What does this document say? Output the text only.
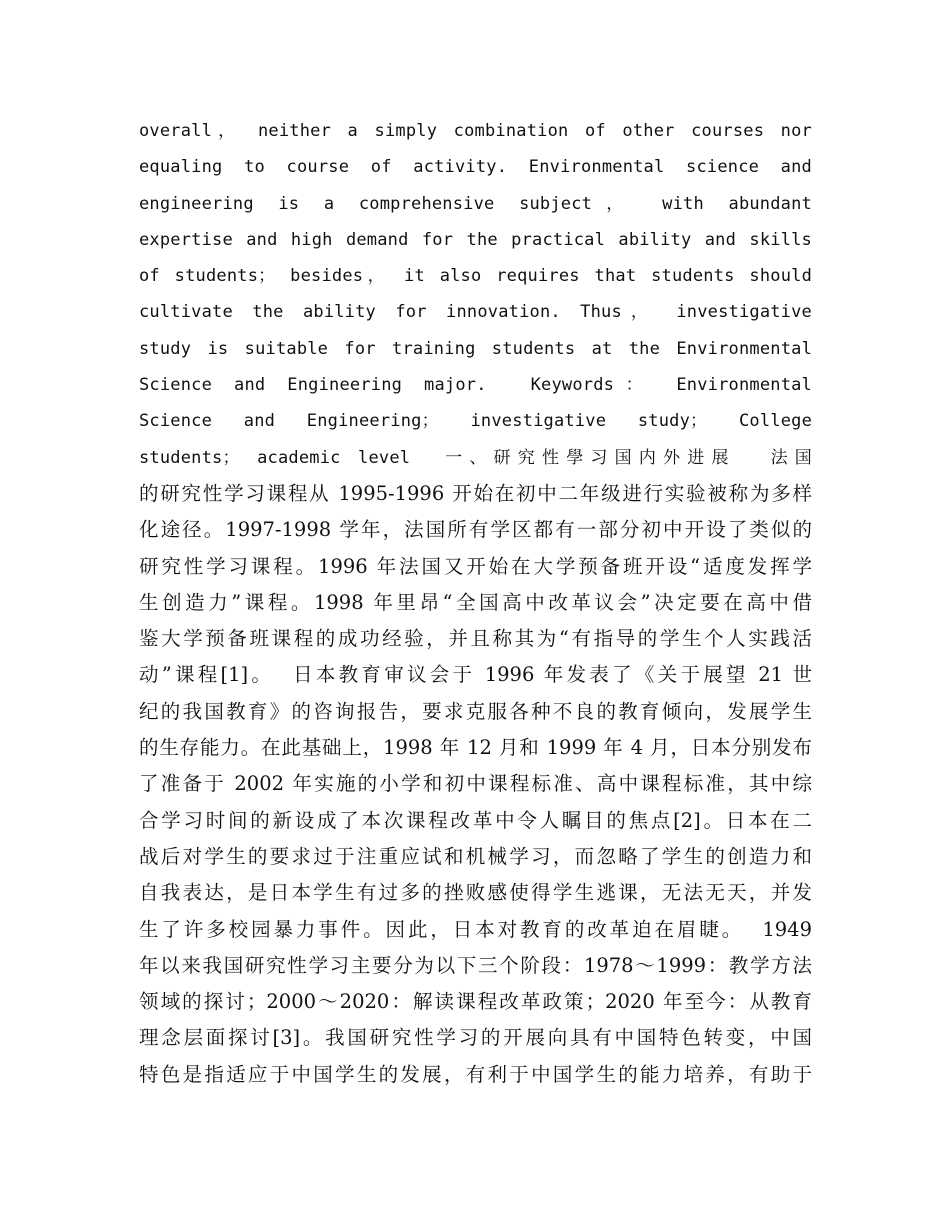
overall， neither a simply combination of other courses nor
equaling to course of activity. Environmental science and
engineering is a comprehensive subject， with abundant
expertise and high demand for the practical ability and skills
of students； besides， it also requires that students should
cultivate the ability for innovation. Thus， investigative
study is suitable for training students at the Environmental
Science and Engineering major.  Keywords： Environmental
Science and Engineering； investigative study； College
students； academic level  一、研究性學习国内外进展  法国
的研究性学习课程从 1995-1996 开始在初中二年级进行实验被称为多样
化途径。1997-1998 学年，法国所有学区都有一部分初中开设了类似的
研究性学习课程。1996 年法国又开始在大学预备班开设“适度发挥学
生创造力”课程。1998 年里昂“全国高中改革议会”决定要在高中借
鉴大学预备班课程的成功经验，并且称其为“有指导的学生个人实践活
动”课程[1]。  日本教育审议会于 1996 年发表了《关于展望 21 世
纪的我国教育》的咨询报告，要求克服各种不良的教育倾向，发展学生
的生存能力。在此基础上，1998 年 12 月和 1999 年 4 月，日本分别发布
了准备于 2002 年实施的小学和初中课程标准、高中课程标准，其中综
合学习时间的新设成了本次课程改革中令人瞩目的焦点[2]。日本在二
战后对学生的要求过于注重应试和机械学习，而忽略了学生的创造力和
自我表达，是日本学生有过多的挫败感使得学生逃课，无法无天，并发
生了许多校园暴力事件。因此，日本对教育的改革迫在眉睫。  1949
年以来我国研究性学习主要分为以下三个阶段：1978～1999：教学方法
领域的探讨；2000～2020：解读课程改革政策；2020 年至今：从教育
理念层面探讨[3]。我国研究性学习的开展向具有中国特色转变，中国
特色是指适应于中国学生的发展，有利于中国学生的能力培养，有助于
